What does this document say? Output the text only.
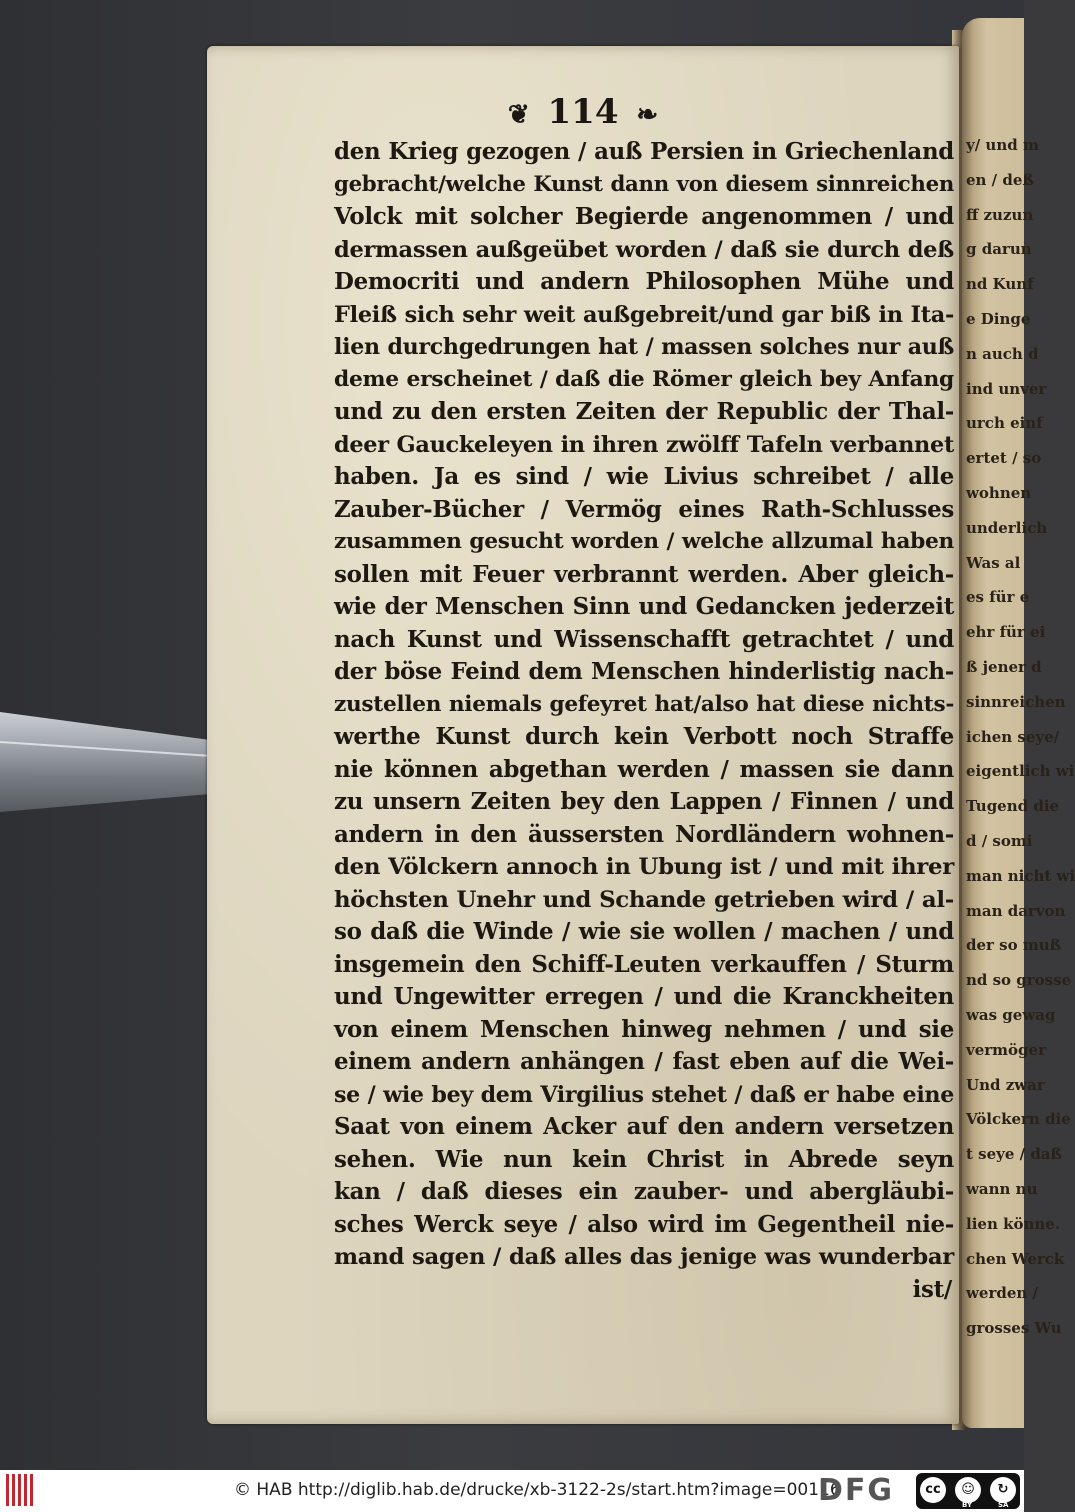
y/ und m
en / deß
ff zuzun
g darun
nd Kunf
e Dinge
n auch d
ind unver
urch einf
ertet / so
wohnen
underlich
Was al
es für e
ehr für ei
ß jener d
sinnreichen
ichen seye/
eigentlich wi
Tugend die
d / somi
man nicht wi
man darvon
der so muß
nd so grosse
was gewag
vermöger
Und zwar
Völckern die
t seye / daß
wann nu
lien könne.
chen Werck
werden /
grosses Wu
❦ 114 ❧
den Krieg gezogen / auß Persien in Griechenland
gebracht/welche Kunst dann von diesem sinnreichen
Volck mit solcher Begierde angenommen / und
dermassen außgeübet worden / daß sie durch deß
Democriti und andern Philosophen Mühe und
Fleiß sich sehr weit außgebreit/und gar biß in Ita-
lien durchgedrungen hat / massen solches nur auß
deme erscheinet / daß die Römer gleich bey Anfang
und zu den ersten Zeiten der Republic der Thal-
deer Gauckeleyen in ihren zwölff Tafeln verbannet
haben. Ja es sind / wie Livius schreibet / alle
Zauber-Bücher / Vermög eines Rath-Schlusses
zusammen gesucht worden / welche allzumal haben
sollen mit Feuer verbrannt werden. Aber gleich-
wie der Menschen Sinn und Gedancken jederzeit
nach Kunst und Wissenschafft getrachtet / und
der böse Feind dem Menschen hinderlistig nach-
zustellen niemals gefeyret hat/also hat diese nichts-
werthe Kunst durch kein Verbott noch Straffe
nie können abgethan werden / massen sie dann
zu unsern Zeiten bey den Lappen / Finnen / und
andern in den äussersten Nordländern wohnen-
den Völckern annoch in Ubung ist / und mit ihrer
höchsten Unehr und Schande getrieben wird / al-
so daß die Winde / wie sie wollen / machen / und
insgemein den Schiff-Leuten verkauffen / Sturm
und Ungewitter erregen / und die Kranckheiten
von einem Menschen hinweg nehmen / und sie
einem andern anhängen / fast eben auf die Wei-
se / wie bey dem Virgilius stehet / daß er habe eine
Saat von einem Acker auf den andern versetzen
sehen. Wie nun kein Christ in Abrede seyn
kan / daß dieses ein zauber- und abergläubi-
sches Werck seye / also wird im Gegentheil nie-
mand sagen / daß alles das jenige was wunderbar
ist/
© HAB http://diglib.hab.de/drucke/xb-3122-2s/start.htm?image=00116
DFG	cc	☺	↻
BY	SA
